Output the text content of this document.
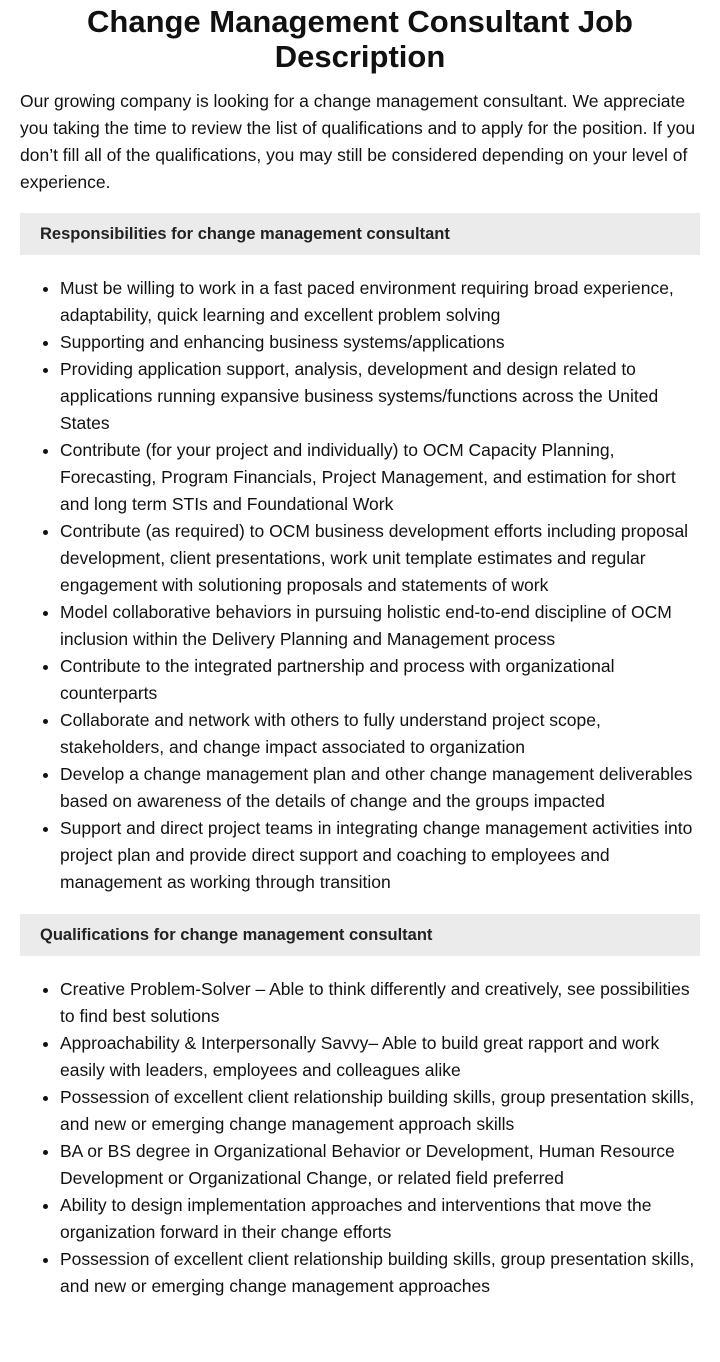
Change Management Consultant Job Description

Our growing company is looking for a change management consultant. We appreciate you taking the time to review the list of qualifications and to apply for the position. If you don’t fill all of the qualifications, you may still be considered depending on your level of experience.

Responsibilities for change management consultant
• Must be willing to work in a fast paced environment requiring broad experience, adaptability, quick learning and excellent problem solving
• Supporting and enhancing business systems/applications
• Providing application support, analysis, development and design related to applications running expansive business systems/functions across the United States
• Contribute (for your project and individually) to OCM Capacity Planning, Forecasting, Program Financials, Project Management, and estimation for short and long term STIs and Foundational Work
• Contribute (as required) to OCM business development efforts including proposal development, client presentations, work unit template estimates and regular engagement with solutioning proposals and statements of work
• Model collaborative behaviors in pursuing holistic end-to-end discipline of OCM inclusion within the Delivery Planning and Management process
• Contribute to the integrated partnership and process with organizational counterparts
• Collaborate and network with others to fully understand project scope, stakeholders, and change impact associated to organization
• Develop a change management plan and other change management deliverables based on awareness of the details of change and the groups impacted
• Support and direct project teams in integrating change management activities into project plan and provide direct support and coaching to employees and management as working through transition
Qualifications for change management consultant
• Creative Problem-Solver – Able to think differently and creatively, see possibilities to find best solutions
• Approachability & Interpersonally Savvy– Able to build great rapport and work easily with leaders, employees and colleagues alike
• Possession of excellent client relationship building skills, group presentation skills, and new or emerging change management approach skills
• BA or BS degree in Organizational Behavior or Development, Human Resource Development or Organizational Change, or related field preferred
• Ability to design implementation approaches and interventions that move the organization forward in their change efforts
• Possession of excellent client relationship building skills, group presentation skills, and new or emerging change management approaches
